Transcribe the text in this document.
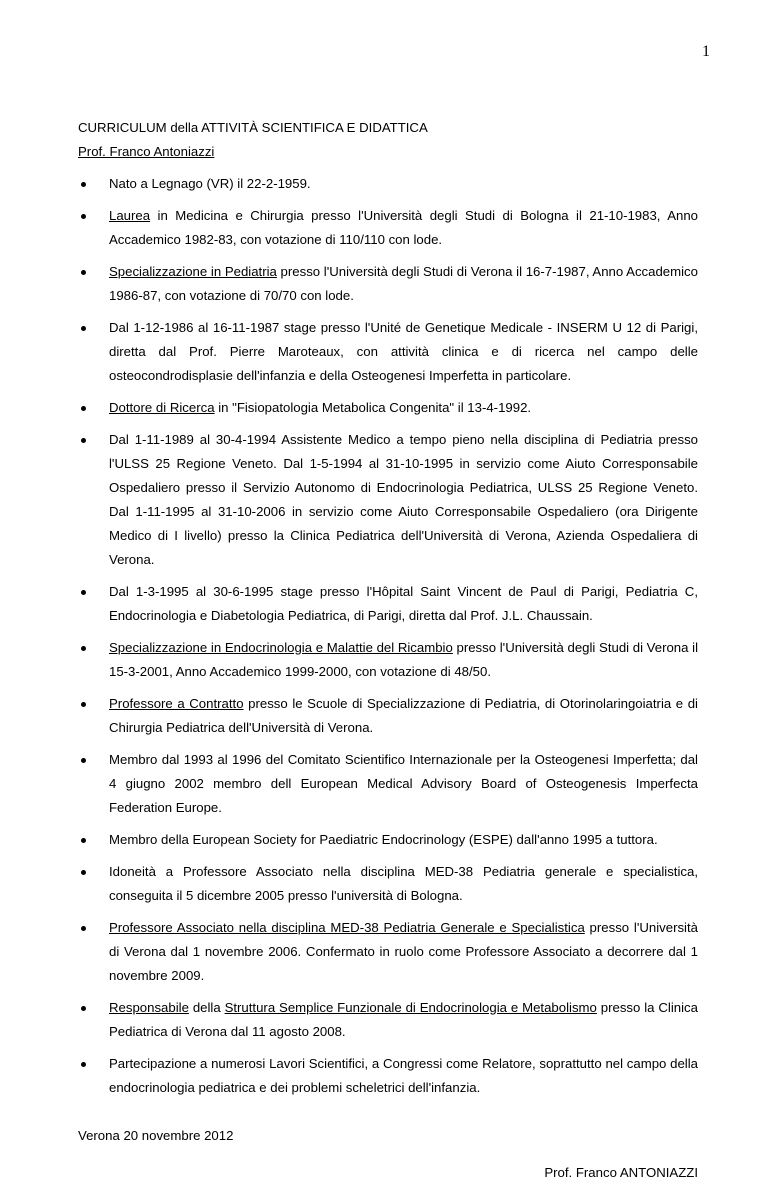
1
CURRICULUM della ATTIVITÀ SCIENTIFICA E DIDATTICA

Prof. Franco Antoniazzi

Nato a Legnago (VR) il 22-2-1959.
Laurea in Medicina e Chirurgia presso l'Università degli Studi di Bologna il 21-10-1983, Anno Accademico 1982-83, con votazione di 110/110 con lode.
Specializzazione in Pediatria presso l'Università degli Studi di Verona il 16-7-1987, Anno Accademico 1986-87, con votazione di 70/70 con lode.
Dal 1-12-1986 al 16-11-1987 stage presso l'Unité de Genetique Medicale - INSERM U 12 di Parigi, diretta dal Prof. Pierre Maroteaux, con attività clinica e di ricerca nel campo delle osteocondrodisplasie dell'infanzia e della Osteogenesi Imperfetta in particolare.
Dottore di Ricerca in "Fisiopatologia Metabolica Congenita" il 13-4-1992.
Dal 1-11-1989 al 30-4-1994 Assistente Medico a tempo pieno nella disciplina di Pediatria presso l'ULSS 25 Regione Veneto. Dal 1-5-1994 al 31-10-1995 in servizio come Aiuto Corresponsabile Ospedaliero presso il Servizio Autonomo di Endocrinologia Pediatrica, ULSS 25 Regione Veneto. Dal 1-11-1995 al 31-10-2006 in servizio come Aiuto Corresponsabile Ospedaliero (ora Dirigente Medico di I livello) presso la Clinica Pediatrica dell'Università di Verona, Azienda Ospedaliera di Verona.
Dal 1-3-1995 al 30-6-1995 stage presso l'Hôpital Saint Vincent de Paul di Parigi, Pediatria C, Endocrinologia e Diabetologia Pediatrica, di Parigi, diretta dal Prof. J.L. Chaussain.
Specializzazione in Endocrinologia e Malattie del Ricambio presso l'Università degli Studi di Verona il 15-3-2001, Anno Accademico 1999-2000, con votazione di 48/50.
Professore a Contratto presso le Scuole di Specializzazione di Pediatria, di Otorinolaringoiatria e di Chirurgia Pediatrica dell'Università di Verona.
Membro dal 1993 al 1996 del Comitato Scientifico Internazionale per la Osteogenesi Imperfetta; dal 4 giugno 2002 membro dell European Medical Advisory Board of Osteogenesis Imperfecta Federation Europe.
Membro della European Society for Paediatric Endocrinology (ESPE) dall'anno 1995 a tuttora.
Idoneità a Professore Associato nella disciplina MED-38 Pediatria generale e specialistica, conseguita il 5 dicembre 2005 presso l'università di Bologna.
Professore Associato nella disciplina MED-38 Pediatria Generale e Specialistica presso l'Università di Verona dal 1 novembre 2006. Confermato in ruolo come Professore Associato a decorrere dal 1 novembre 2009.
Responsabile della Struttura Semplice Funzionale di Endocrinologia e Metabolismo presso la Clinica Pediatrica di Verona dal 11 agosto 2008.
Partecipazione a numerosi Lavori Scientifici, a Congressi come Relatore, soprattutto nel campo della endocrinologia pediatrica e dei problemi scheletrici dell'infanzia.

Verona 20 novembre 2012

Prof. Franco ANTONIAZZI
